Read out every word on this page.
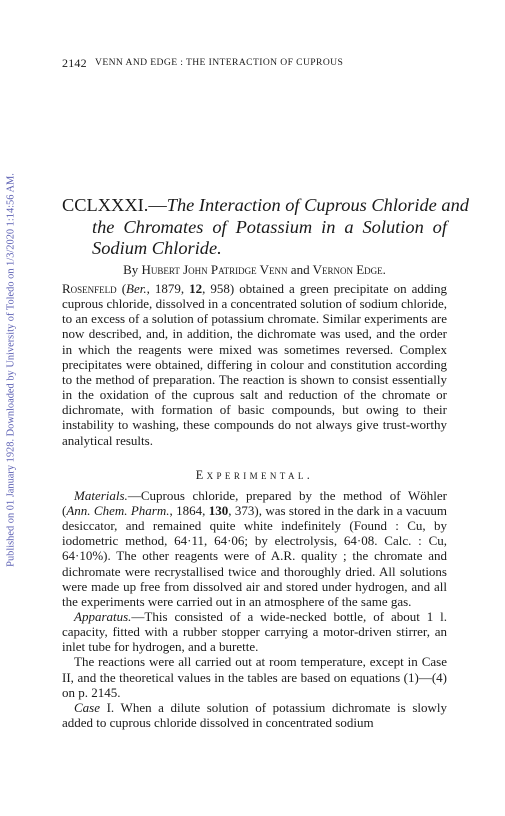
Published on 01 January 1928. Downloaded by University of Toledo on 1/3/2020 1:14:56 AM.
2142 VENN AND EDGE : THE INTERACTION OF CUPROUS
CCLXXXI.—The Interaction of Cuprous Chloride and
the Chromates of Potassium in a Solution of
Sodium Chloride.
By Hubert John Patridge Venn and Vernon Edge.

Rosenfeld (Ber., 1879, 12, 958) obtained a green precipitate on adding cuprous chloride, dissolved in a concentrated solution of sodium chloride, to an excess of a solution of potassium chromate. Similar experiments are now described, and, in addition, the dichromate was used, and the order in which the reagents were mixed was sometimes reversed. Complex precipitates were obtained, differing in colour and constitution according to the method of preparation. The reaction is shown to consist essentially in the oxidation of the cuprous salt and reduction of the chromate or dichromate, with formation of basic compounds, but owing to their instability to washing, these compounds do not always give trust-worthy analytical results.

Experimental.

Materials.—Cuprous chloride, prepared by the method of Wöhler (Ann. Chem. Pharm., 1864, 130, 373), was stored in the dark in a vacuum desiccator, and remained quite white indefinitely (Found : Cu, by iodometric method, 64·11, 64·06; by electrolysis, 64·08. Calc. : Cu, 64·10%). The other reagents were of A.R. quality ; the chromate and dichromate were recrystallised twice and thoroughly dried. All solutions were made up free from dissolved air and stored under hydrogen, and all the experiments were carried out in an atmosphere of the same gas.

Apparatus.—This consisted of a wide-necked bottle, of about 1 l. capacity, fitted with a rubber stopper carrying a motor-driven stirrer, an inlet tube for hydrogen, and a burette.

The reactions were all carried out at room temperature, except in Case II, and the theoretical values in the tables are based on equations (1)—(4) on p. 2145.

Case I. When a dilute solution of potassium dichromate is slowly added to cuprous chloride dissolved in concentrated sodium
